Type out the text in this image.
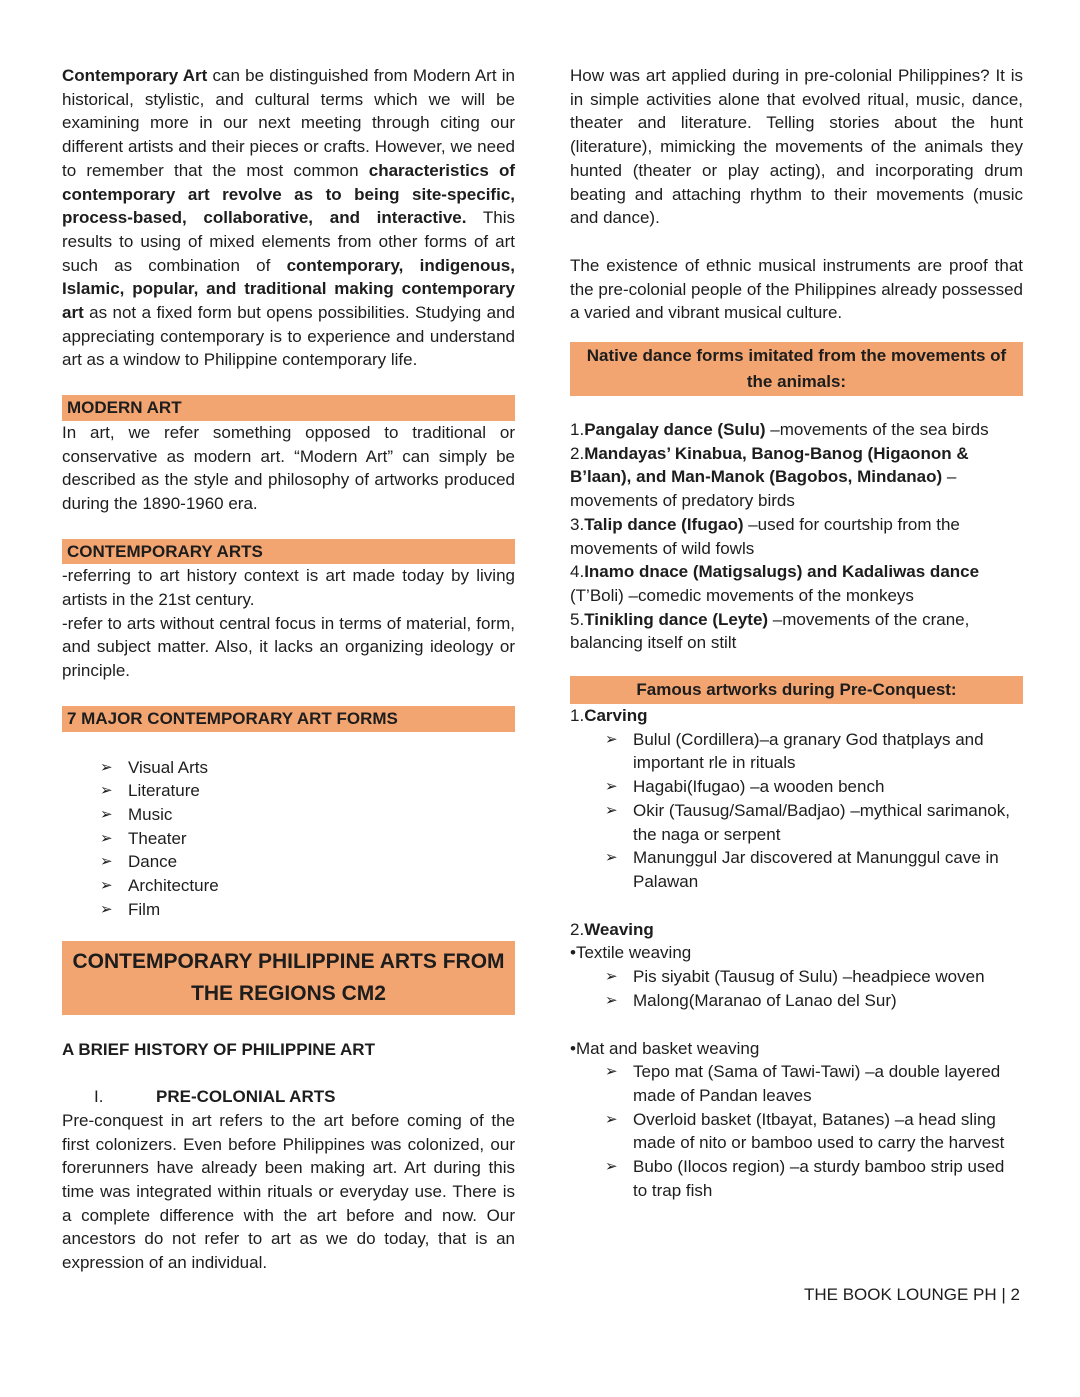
Contemporary Art can be distinguished from Modern Art in historical, stylistic, and cultural terms which we will be examining more in our next meeting through citing our different artists and their pieces or crafts. However, we need to remember that the most common characteristics of contemporary art revolve as to being site-specific, process-based, collaborative, and interactive. This results to using of mixed elements from other forms of art such as combination of contemporary, indigenous, Islamic, popular, and traditional making contemporary art as not a fixed form but opens possibilities. Studying and appreciating contemporary is to experience and understand art as a window to Philippine contemporary life.

MODERN ART

In art, we refer something opposed to traditional or conservative as modern art. “Modern Art” can simply be described as the style and philosophy of artworks produced during the 1890-1960 era.

CONTEMPORARY ARTS

-referring to art history context is art made today by living artists in the 21st century.

-refer to arts without central focus in terms of material, form, and subject matter. Also, it lacks an organizing ideology or principle.

7 MAJOR CONTEMPORARY ART FORMS
➢ Visual Arts
➢ Literature
➢ Music
➢ Theater
➢ Dance
➢ Architecture
➢ Film
CONTEMPORARY PHILIPPINE ARTS FROM
THE REGIONS CM2
A BRIEF HISTORY OF PHILIPPINE ART
I.	PRE-COLONIAL ARTS

Pre-conquest in art refers to the art before coming of the first colonizers. Even before Philippines was colonized, our forerunners have already been making art. Art during this time was integrated within rituals or everyday use. There is a complete difference with the art before and now. Our ancestors do not refer to art as we do today, that is an expression of an individual.

How was art applied during in pre-colonial Philippines? It is in simple activities alone that evolved ritual, music, dance, theater and literature. Telling stories about the hunt (literature), mimicking the movements of the animals they hunted (theater or play acting), and incorporating drum beating and attaching rhythm to their movements (music and dance).

The existence of ethnic musical instruments are proof that the pre-colonial people of the Philippines already possessed a varied and vibrant musical culture.

Native dance forms imitated from the movements of the animals:
1.Pangalay dance (Sulu) –movements of the sea birds
2.Mandayas’ Kinabua, Banog-Banog (Higaonon & B’laan), and Man-Manok (Bagobos, Mindanao) –movements of predatory birds
3.Talip dance (Ifugao) –used for courtship from the movements of wild fowls
4.Inamo dnace (Matigsalugs) and Kadaliwas dance (T’Boli) –comedic movements of the monkeys
5.Tinikling dance (Leyte) –movements of the crane, balancing itself on stilt
Famous artworks during Pre-Conquest:
1.Carving
➢ Bulul (Cordillera)–a granary God thatplays and important rle in rituals
➢ Hagabi(Ifugao) –a wooden bench
➢ Okir (Tausug/Samal/Badjao) –mythical sarimanok, the naga or serpent
➢ Manunggul Jar discovered at Manunggul cave in Palawan
2.Weaving
•Textile weaving
➢ Pis siyabit (Tausug of Sulu) –headpiece woven
➢ Malong(Maranao of Lanao del Sur)
•Mat and basket weaving
➢ Tepo mat (Sama of Tawi-Tawi) –a double layered made of Pandan leaves
➢ Overloid basket (Itbayat, Batanes) –a head sling made of nito or bamboo used to carry the harvest
➢ Bubo (Ilocos region) –a sturdy bamboo strip used to trap fish
THE BOOK LOUNGE PH | 2
